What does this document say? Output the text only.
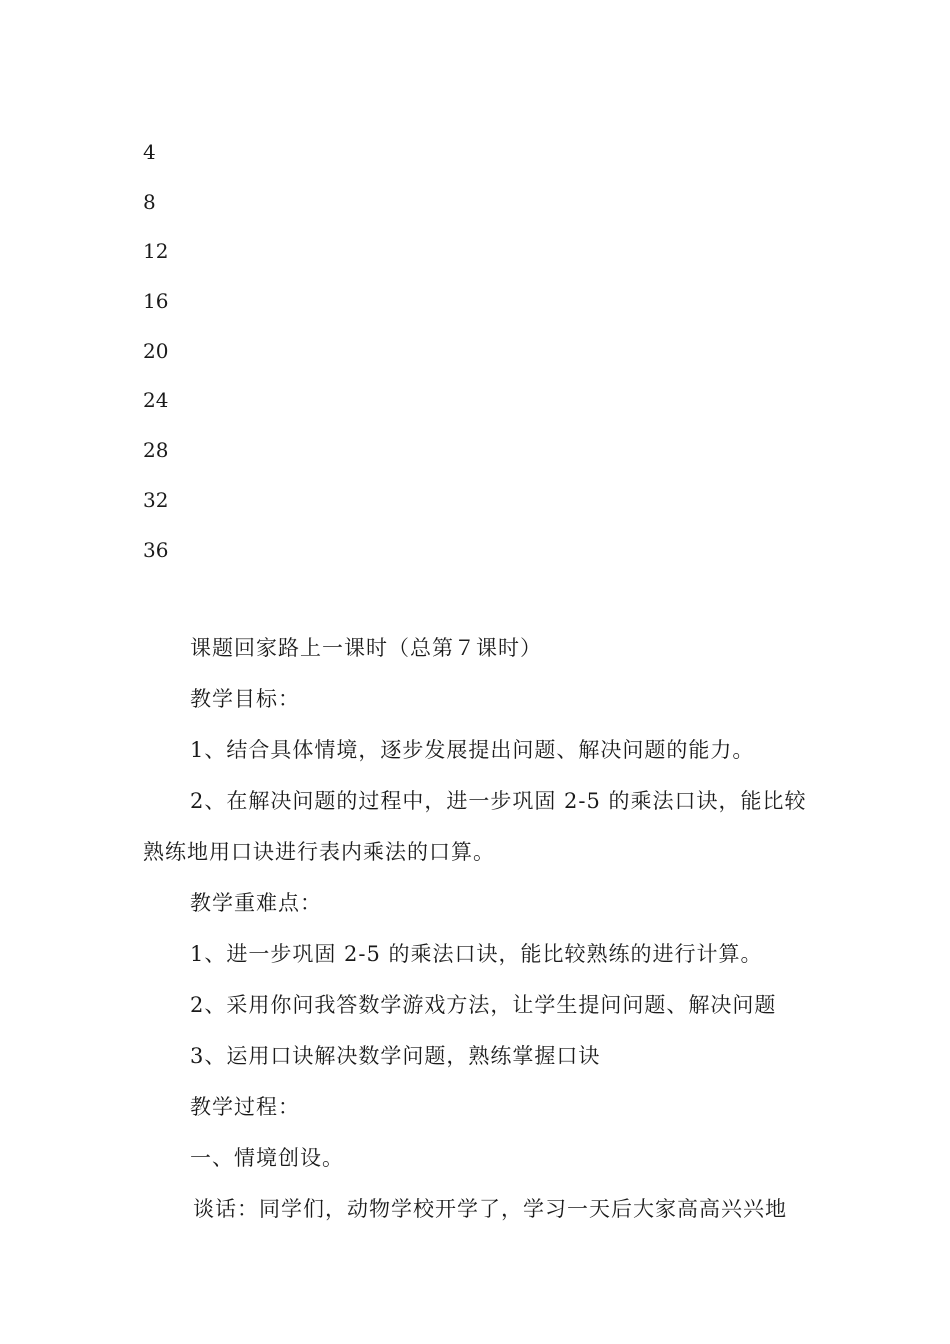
4
8
12
16
20
24
28
32
36
课题回家路上一课时（总第７课时）
教学目标：
1、结合具体情境，逐步发展提出问题、解决问题的能力。
2、在解决问题的过程中，进一步巩固 2-5 的乘法口诀，能比较
熟练地用口诀进行表内乘法的口算。
教学重难点：
1、进一步巩固 2-5 的乘法口诀，能比较熟练的进行计算。
2、采用你问我答数学游戏方法，让学生提问问题、解决问题
3、运用口诀解决数学问题，熟练掌握口诀
教学过程：
一、情境创设。
谈话：同学们，动物学校开学了，学习一天后大家高高兴兴地
